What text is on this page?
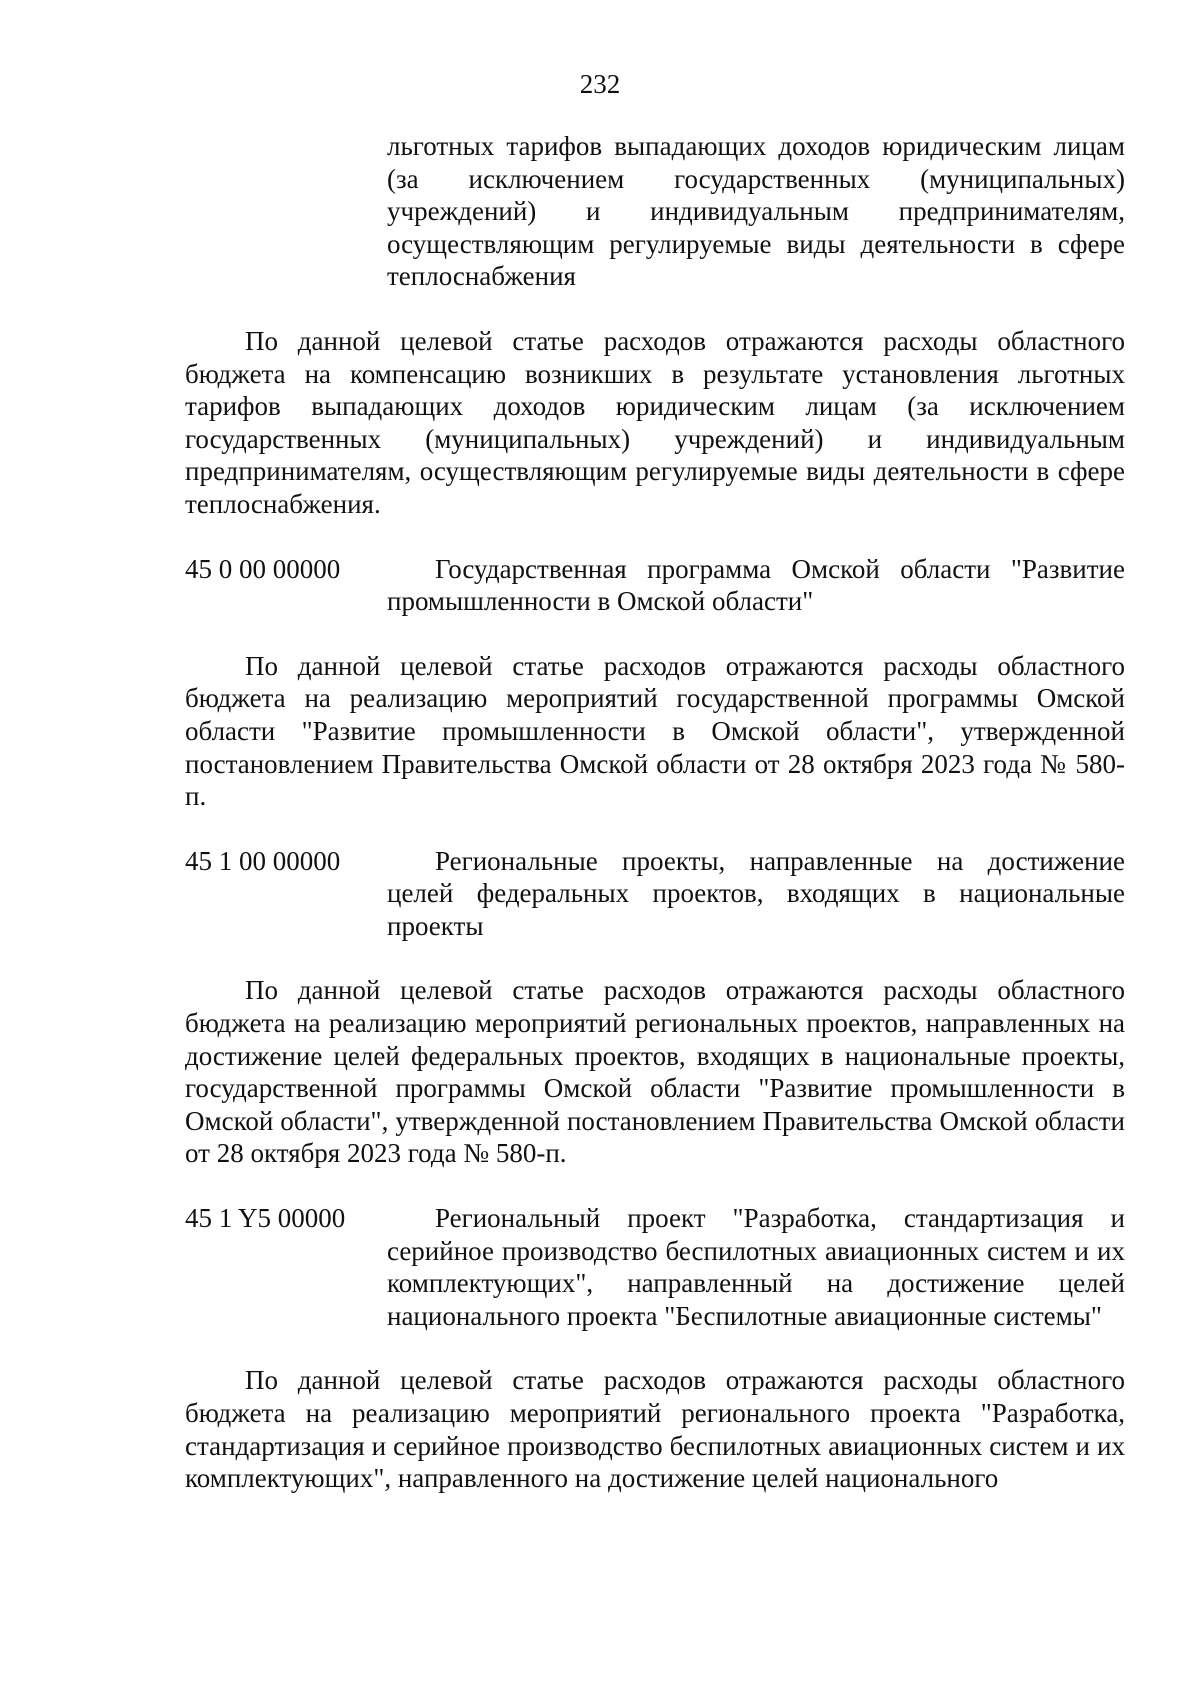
232
льготных тарифов выпадающих доходов юридическим лицам (за исключением государственных (муниципальных) учреждений) и индивидуальным предпринимателям, осуществляющим регулируемые виды деятельности в сфере теплоснабжения

По данной целевой статье расходов отражаются расходы областного бюджета на компенсацию возникших в результате установления льготных тарифов выпадающих доходов юридическим лицам (за исключением государственных (муниципальных) учреждений) и индивидуальным предпринимателям, осуществляющим регулируемые виды деятельности в сфере теплоснабжения.

45 0 00 00000	Государственная программа Омской области "Развитие промышленности в Омской области"

По данной целевой статье расходов отражаются расходы областного бюджета на реализацию мероприятий государственной программы Омской области "Развитие промышленности в Омской области", утвержденной постановлением Правительства Омской области от 28 октября 2023 года № 580-п.

45 1 00 00000	Региональные проекты, направленные на достижение целей федеральных проектов, входящих в национальные проекты

По данной целевой статье расходов отражаются расходы областного бюджета на реализацию мероприятий региональных проектов, направленных на достижение целей федеральных проектов, входящих в национальные проекты, государственной программы Омской области "Развитие промышленности в Омской области", утвержденной постановлением Правительства Омской области от 28 октября 2023 года № 580-п.

45 1 Y5 00000	Региональный проект "Разработка, стандартизация и серийное производство беспилотных авиационных систем и их комплектующих", направленный на достижение целей национального проекта "Беспилотные авиационные системы"

По данной целевой статье расходов отражаются расходы областного бюджета на реализацию мероприятий регионального проекта "Разработка, стандартизация и серийное производство беспилотных авиационных систем и их комплектующих", направленного на достижение целей национального
